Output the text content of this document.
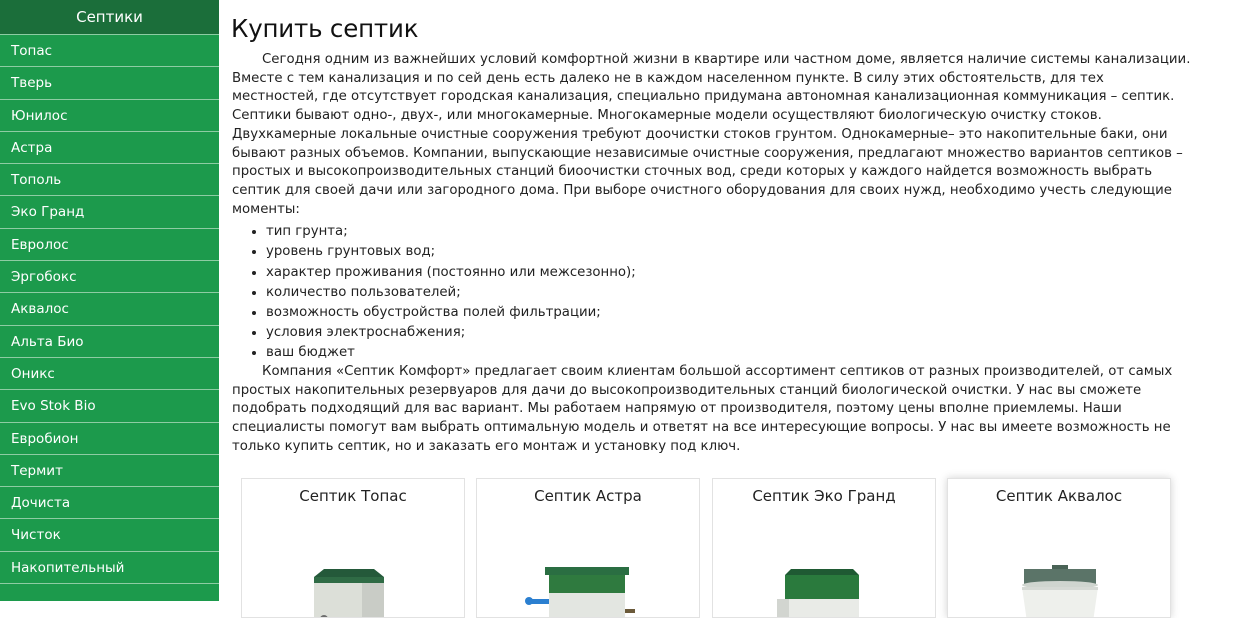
Септики
Топас
Тверь
Юнилос
Астра
Тополь
Эко Гранд
Евролос
Эргобокс
Аквалос
Альта Био
Оникс
Evo Stok Bio
Евробион
Термит
Дочиста
Чисток
Накопительный
Купить септик

Сегодня одним из важнейших условий комфортной жизни в квартире или частном доме, является наличие системы канализации. Вместе с тем канализация и по сей день есть далеко не в каждом населенном пункте. В силу этих обстоятельств, для тех местностей, где отсутствует городская канализация, специально придумана автономная канализационная коммуникация – септик. Септики бывают одно-, двух-, или многокамерные. Многокамерные модели осуществляют биологическую очистку стоков. Двухкамерные локальные очистные сооружения требуют доочистки стоков грунтом. Однокамерные– это накопительные баки, они бывают разных объемов. Компании, выпускающие независимые очистные сооружения, предлагают множество вариантов септиков – простых и высокопроизводительных станций биоочистки сточных вод, среди которых у каждого найдется возможность выбрать септик для своей дачи или загородного дома. При выборе очистного оборудования для своих нужд, необходимо учесть следующие моменты:

• тип грунта;
• уровень грунтовых вод;
• характер проживания (постоянно или межсезонно);
• количество пользователей;
• возможность обустройства полей фильтрации;
• условия электроснабжения;
• ваш бюджет

Компания «Септик Комфорт» предлагает своим клиентам большой ассортимент септиков от разных производителей, от самых простых накопительных резервуаров для дачи до высокопроизводительных станций биологической очистки. У нас вы сможете подобрать подходящий для вас вариант. Мы работаем напрямую от производителя, поэтому цены вполне приемлемы. Наши специалисты помогут вам выбрать оптимальную модель и ответят на все интересующие вопросы. У нас вы имеете возможность не только купить септик, но и заказать его монтаж и установку под ключ.

Септик Топас	Септик Астра	Септик Эко Гранд	Септик Аквалос
